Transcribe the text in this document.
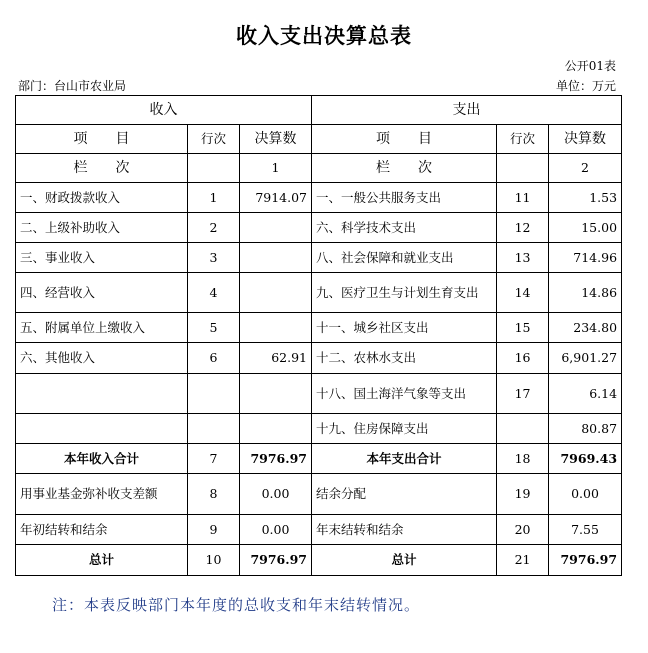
收入支出决算总表
公开01表
部门：台山市农业局	单位：万元
收入			支出		
项　　目	行次	决算数	项　　目	行次	决算数
栏　　次		1	栏　　次		2
一、财政拨款收入	1	7914.07	一、一般公共服务支出	11	1.53
二、上级补助收入	2		六、科学技术支出	12	15.00
三、事业收入	3		八、社会保障和就业支出	13	714.96
四、经营收入	4		九、医疗卫生与计划生育支出	14	14.86
五、附属单位上缴收入	5		十一、城乡社区支出	15	234.80
六、其他收入	6	62.91	十二、农林水支出	16	6,901.27
			十八、国土海洋气象等支出	17	6.14
			十九、住房保障支出		80.87
本年收入合计	7	7976.97	本年支出合计	18	7969.43
用事业基金弥补收支差额	8	0.00	结余分配	19	0.00
年初结转和结余	9	0.00	年末结转和结余	20	7.55
总计	10	7976.97	总计	21	7976.97
注：本表反映部门本年度的总收支和年末结转情况。
